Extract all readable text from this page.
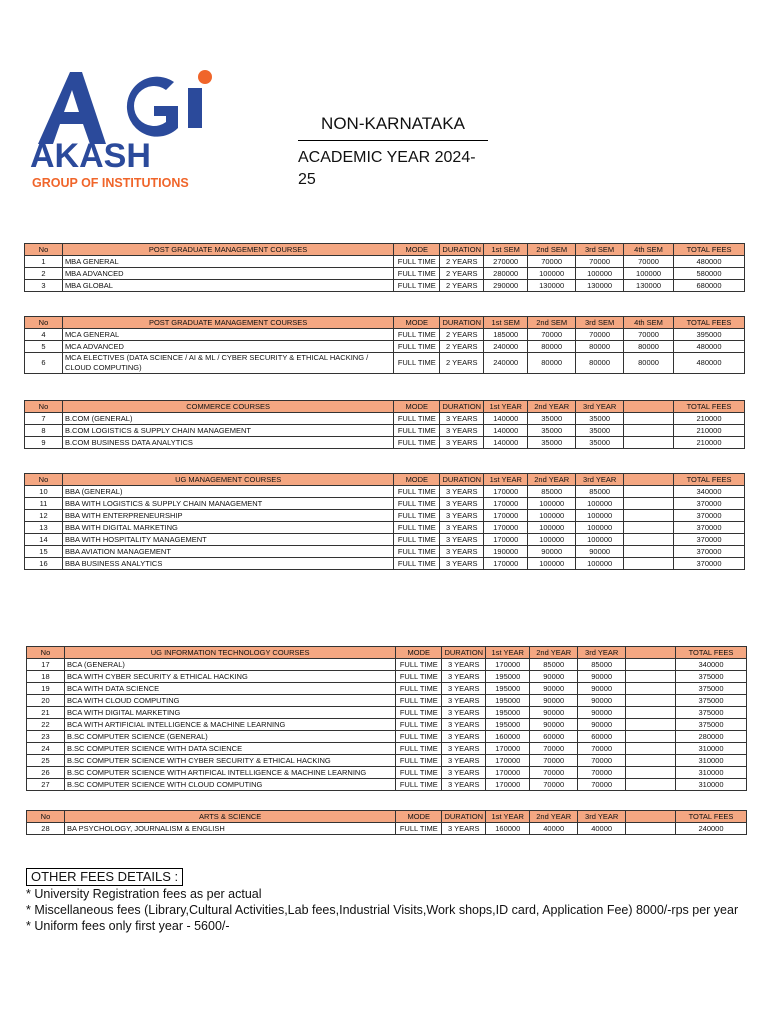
AKASH
GROUP OF INSTITUTIONS

NON-KARNATAKA

ACADEMIC YEAR 2024-25

No	POST GRADUATE MANAGEMENT COURSES	MODE	DURATION	1st SEM	2nd SEM	3rd SEM	4th SEM	TOTAL FEES
1	MBA GENERAL	FULL TIME	2 YEARS	270000	70000	70000	70000	480000
2	MBA ADVANCED	FULL TIME	2 YEARS	280000	100000	100000	100000	580000
3	MBA GLOBAL	FULL TIME	2 YEARS	290000	130000	130000	130000	680000
No	POST GRADUATE MANAGEMENT COURSES	MODE	DURATION	1st SEM	2nd SEM	3rd SEM	4th SEM	TOTAL FEES
4	MCA GENERAL	FULL TIME	2 YEARS	185000	70000	70000	70000	395000
5	MCA ADVANCED	FULL TIME	2 YEARS	240000	80000	80000	80000	480000
6	MCA ELECTIVES (DATA SCIENCE / AI & ML / CYBER SECURITY & ETHICAL HACKING / CLOUD COMPUTING)	FULL TIME	2 YEARS	240000	80000	80000	80000	480000
No	COMMERCE COURSES	MODE	DURATION	1st YEAR	2nd YEAR	3rd YEAR		TOTAL FEES
7	B.COM (GENERAL)	FULL TIME	3 YEARS	140000	35000	35000		210000
8	B.COM LOGISTICS & SUPPLY CHAIN MANAGEMENT	FULL TIME	3 YEARS	140000	35000	35000		210000
9	B.COM BUSINESS DATA ANALYTICS	FULL TIME	3 YEARS	140000	35000	35000		210000
No	UG MANAGEMENT COURSES	MODE	DURATION	1st YEAR	2nd YEAR	3rd YEAR		TOTAL FEES
10	BBA (GENERAL)	FULL TIME	3 YEARS	170000	85000	85000		340000
11	BBA WITH LOGISTICS & SUPPLY CHAIN MANAGEMENT	FULL TIME	3 YEARS	170000	100000	100000		370000
12	BBA WITH ENTERPRENEURSHIP	FULL TIME	3 YEARS	170000	100000	100000		370000
13	BBA WITH DIGITAL MARKETING	FULL TIME	3 YEARS	170000	100000	100000		370000
14	BBA WITH HOSPITALITY MANAGEMENT	FULL TIME	3 YEARS	170000	100000	100000		370000
15	BBA AVIATION MANAGEMENT	FULL TIME	3 YEARS	190000	90000	90000		370000
16	BBA BUSINESS ANALYTICS	FULL TIME	3 YEARS	170000	100000	100000		370000
No	UG INFORMATION TECHNOLOGY COURSES	MODE	DURATION	1st YEAR	2nd YEAR	3rd YEAR		TOTAL FEES
17	BCA (GENERAL)	FULL TIME	3 YEARS	170000	85000	85000		340000
18	BCA WITH CYBER SECURITY & ETHICAL HACKING	FULL TIME	3 YEARS	195000	90000	90000		375000
19	BCA WITH DATA SCIENCE	FULL TIME	3 YEARS	195000	90000	90000		375000
20	BCA WITH CLOUD COMPUTING	FULL TIME	3 YEARS	195000	90000	90000		375000
21	BCA WITH DIGITAL MARKETING	FULL TIME	3 YEARS	195000	90000	90000		375000
22	BCA WITH ARTIFICIAL INTELLIGENCE & MACHINE LEARNING	FULL TIME	3 YEARS	195000	90000	90000		375000
23	B.SC COMPUTER SCIENCE (GENERAL)	FULL TIME	3 YEARS	160000	60000	60000		280000
24	B.SC COMPUTER SCIENCE WITH DATA SCIENCE	FULL TIME	3 YEARS	170000	70000	70000		310000
25	B.SC COMPUTER SCIENCE WITH CYBER SECURITY & ETHICAL HACKING	FULL TIME	3 YEARS	170000	70000	70000		310000
26	B.SC COMPUTER SCIENCE WITH ARTIFICAL INTELLIGENCE & MACHINE LEARNING	FULL TIME	3 YEARS	170000	70000	70000		310000
27	B.SC COMPUTER SCIENCE WITH CLOUD COMPUTING	FULL TIME	3 YEARS	170000	70000	70000		310000
No	ARTS & SCIENCE	MODE	DURATION	1st YEAR	2nd YEAR	3rd YEAR		TOTAL FEES
28	BA PSYCHOLOGY, JOURNALISM & ENGLISH	FULL TIME	3 YEARS	160000	40000	40000		240000
OTHER FEES DETAILS :

* University Registration fees as per actual

* Miscellaneous fees (Library,Cultural Activities,Lab fees,Industrial Visits,Work shops,ID card, Application Fee) 8000/-rps per year

* Uniform fees only first year - 5600/-
